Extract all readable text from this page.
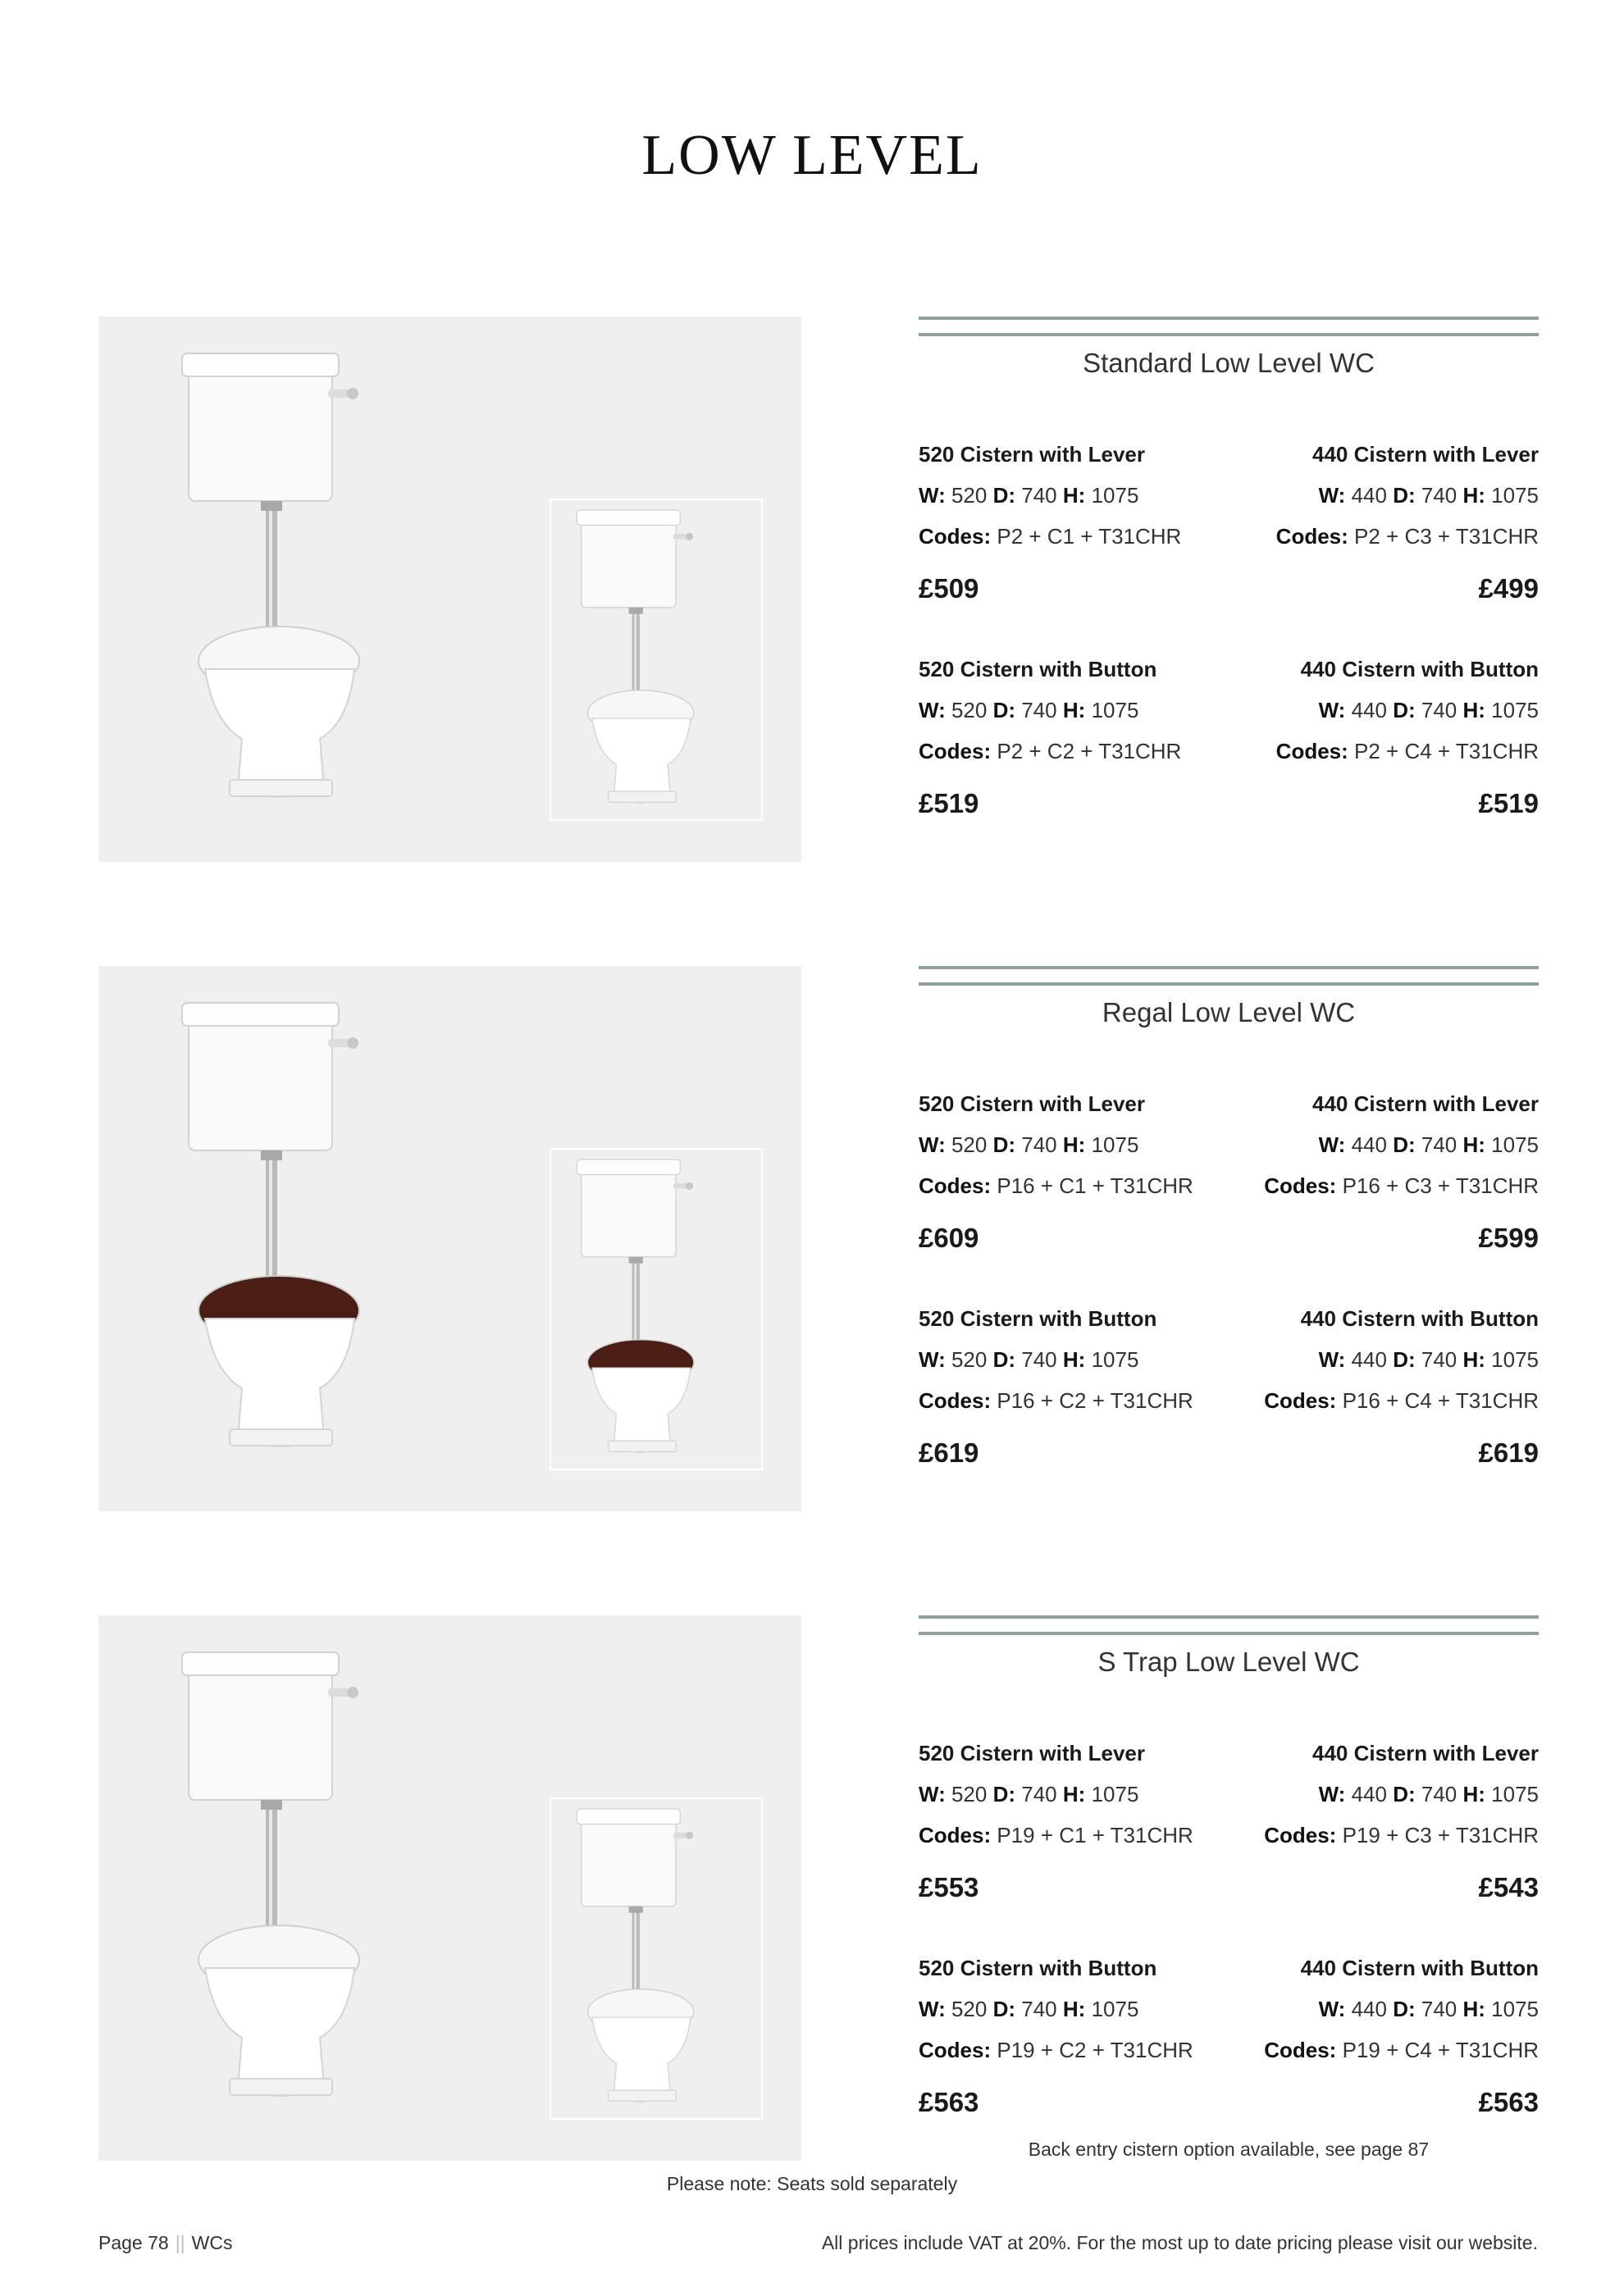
LOW LEVEL
Standard Low Level WC
520 Cistern with Lever
W: 520 D: 740 H: 1075
Codes: P2 + C1 + T31CHR
£509
440 Cistern with Lever
W: 440 D: 740 H: 1075
Codes: P2 + C3 + T31CHR
£499
520 Cistern with Button
W: 520 D: 740 H: 1075
Codes: P2 + C2 + T31CHR
£519
440 Cistern with Button
W: 440 D: 740 H: 1075
Codes: P2 + C4 + T31CHR
£519
Regal Low Level WC
520 Cistern with Lever
W: 520 D: 740 H: 1075
Codes: P16 + C1 + T31CHR
£609
440 Cistern with Lever
W: 440 D: 740 H: 1075
Codes: P16 + C3 + T31CHR
£599
520 Cistern with Button
W: 520 D: 740 H: 1075
Codes: P16 + C2 + T31CHR
£619
440 Cistern with Button
W: 440 D: 740 H: 1075
Codes: P16 + C4 + T31CHR
£619
S Trap Low Level WC
520 Cistern with Lever
W: 520 D: 740 H: 1075
Codes: P19 + C1 + T31CHR
£553
440 Cistern with Lever
W: 440 D: 740 H: 1075
Codes: P19 + C3 + T31CHR
£543
520 Cistern with Button
W: 520 D: 740 H: 1075
Codes: P19 + C2 + T31CHR
£563
440 Cistern with Button
W: 440 D: 740 H: 1075
Codes: P19 + C4 + T31CHR
£563
Back entry cistern option available, see page 87
Please note: Seats sold separately
Page 78 || WCs	All prices include VAT at 20%. For the most up to date pricing please visit our website.
